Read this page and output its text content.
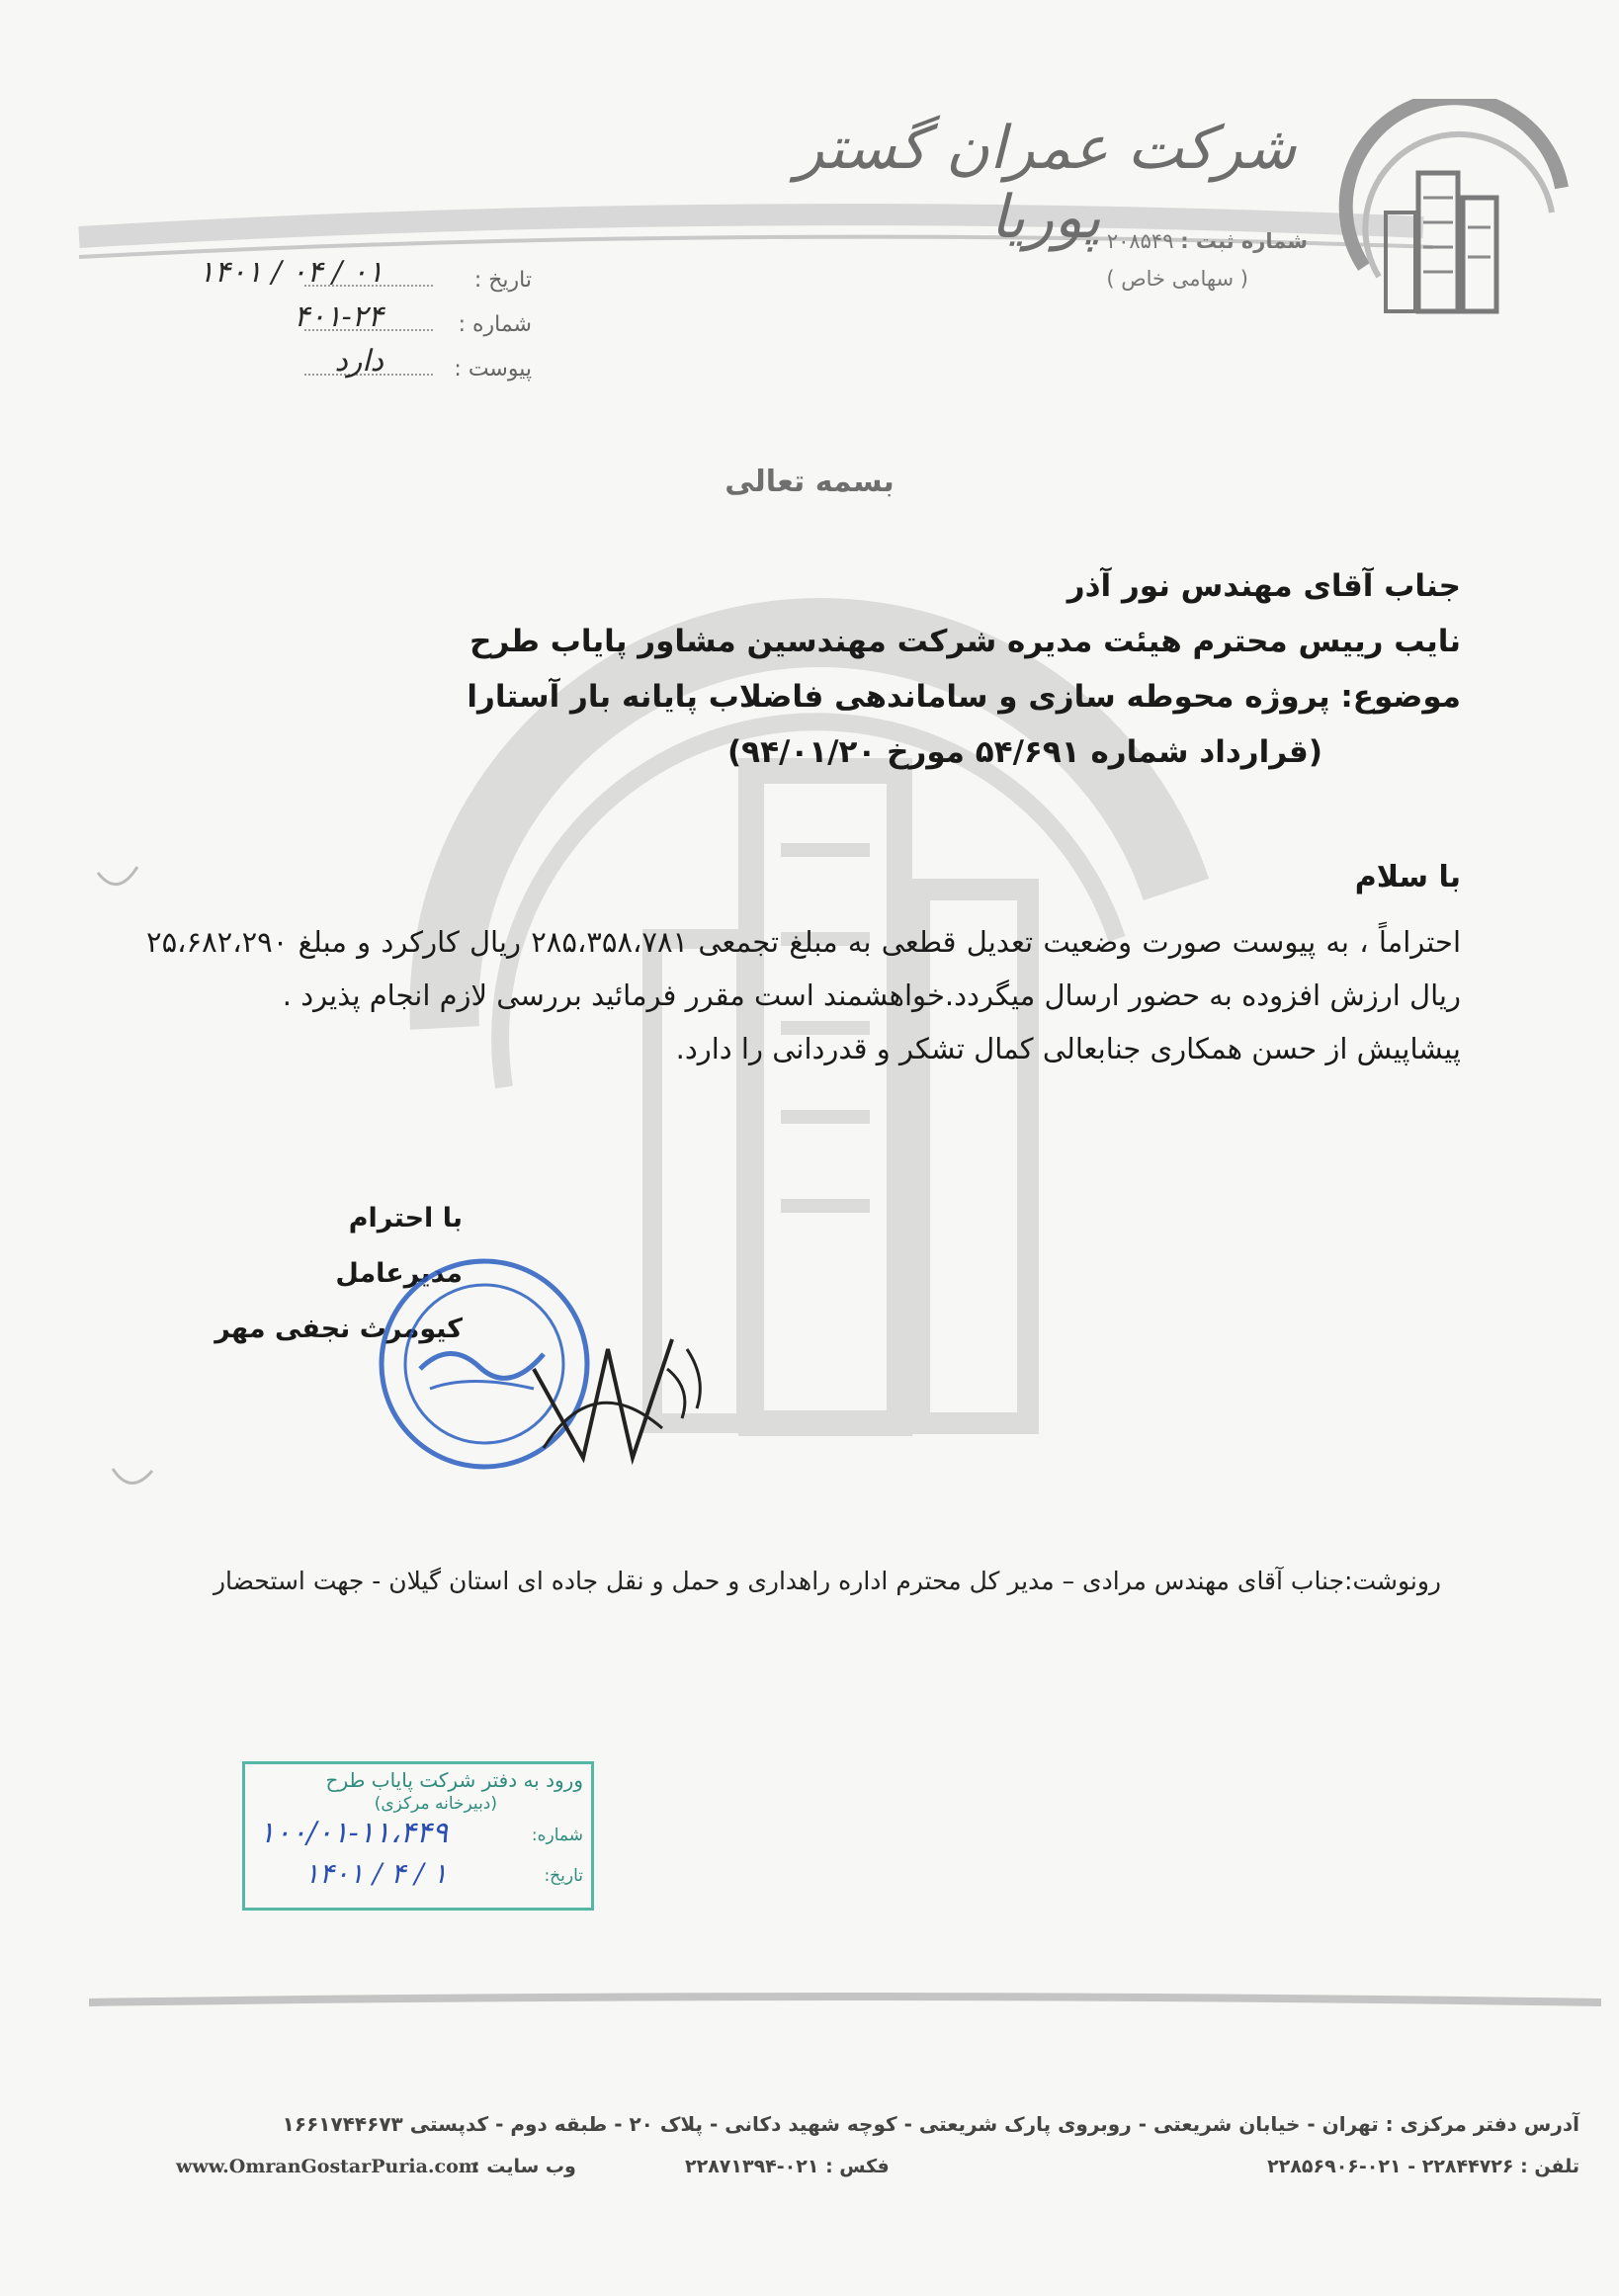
شرکت عمران گستر پوریا	شماره ثبت : ۲۰۸۵۴۹
( سهامی خاص )
تاریخ :
۱۴۰۱ / ۰۴ / ۰۱
شماره :
۴۰۱-۲۴
پیوست :
دارد
بسمه تعالی
جناب آقای مهندس نور آذر
نایب رییس محترم هیئت مدیره شرکت مهندسین مشاور پایاب طرح
موضوع: پروژه محوطه سازی و ساماندهی فاضلاب پایانه بار آستارا
(قرارداد شماره ۵۴/۶۹۱ مورخ ۹۴/۰۱/۲۰)
با سلام

احتراماً ، به پیوست صورت وضعیت تعدیل قطعی به مبلغ تجمعی ۲۸۵،۳۵۸،۷۸۱ ریال کارکرد و مبلغ ۲۵،۶۸۲،۲۹۰ ریال ارزش افزوده به حضور ارسال میگردد.خواهشمند است مقرر فرمائید بررسی لازم انجام پذیرد .

پیشاپیش از حسن همکاری جنابعالی کمال تشکر و قدردانی را دارد.

با احترام
مدیرعامل
کیومرث نجفی مهر
رونوشت:جناب آقای مهندس مرادی – مدیر کل محترم اداره راهداری و حمل و نقل جاده ای استان گیلان - جهت استحضار
ورود به دفتر شرکت پایاب طرح
(دبیرخانه مرکزی)
شماره:
۱۰۰/۰۱-۱۱،۴۴۹
تاریخ:
۱۴۰۱ / ۴ / ۱
آدرس دفتر مرکزی : تهران - خیابان شریعتی - روبروی پارک شریعتی - کوچه شهید دکانی - پلاک ۲۰ - طبقه دوم - کدپستی ۱۶۶۱۷۴۴۶۷۳
تلفن : ۲۲۸۴۴۷۲۶ - ۰۲۱-۲۲۸۵۶۹۰۶
فکس : ۰۲۱-۲۲۸۷۱۳۹۴
وب سایت :
www.OmranGostarPuria.com
